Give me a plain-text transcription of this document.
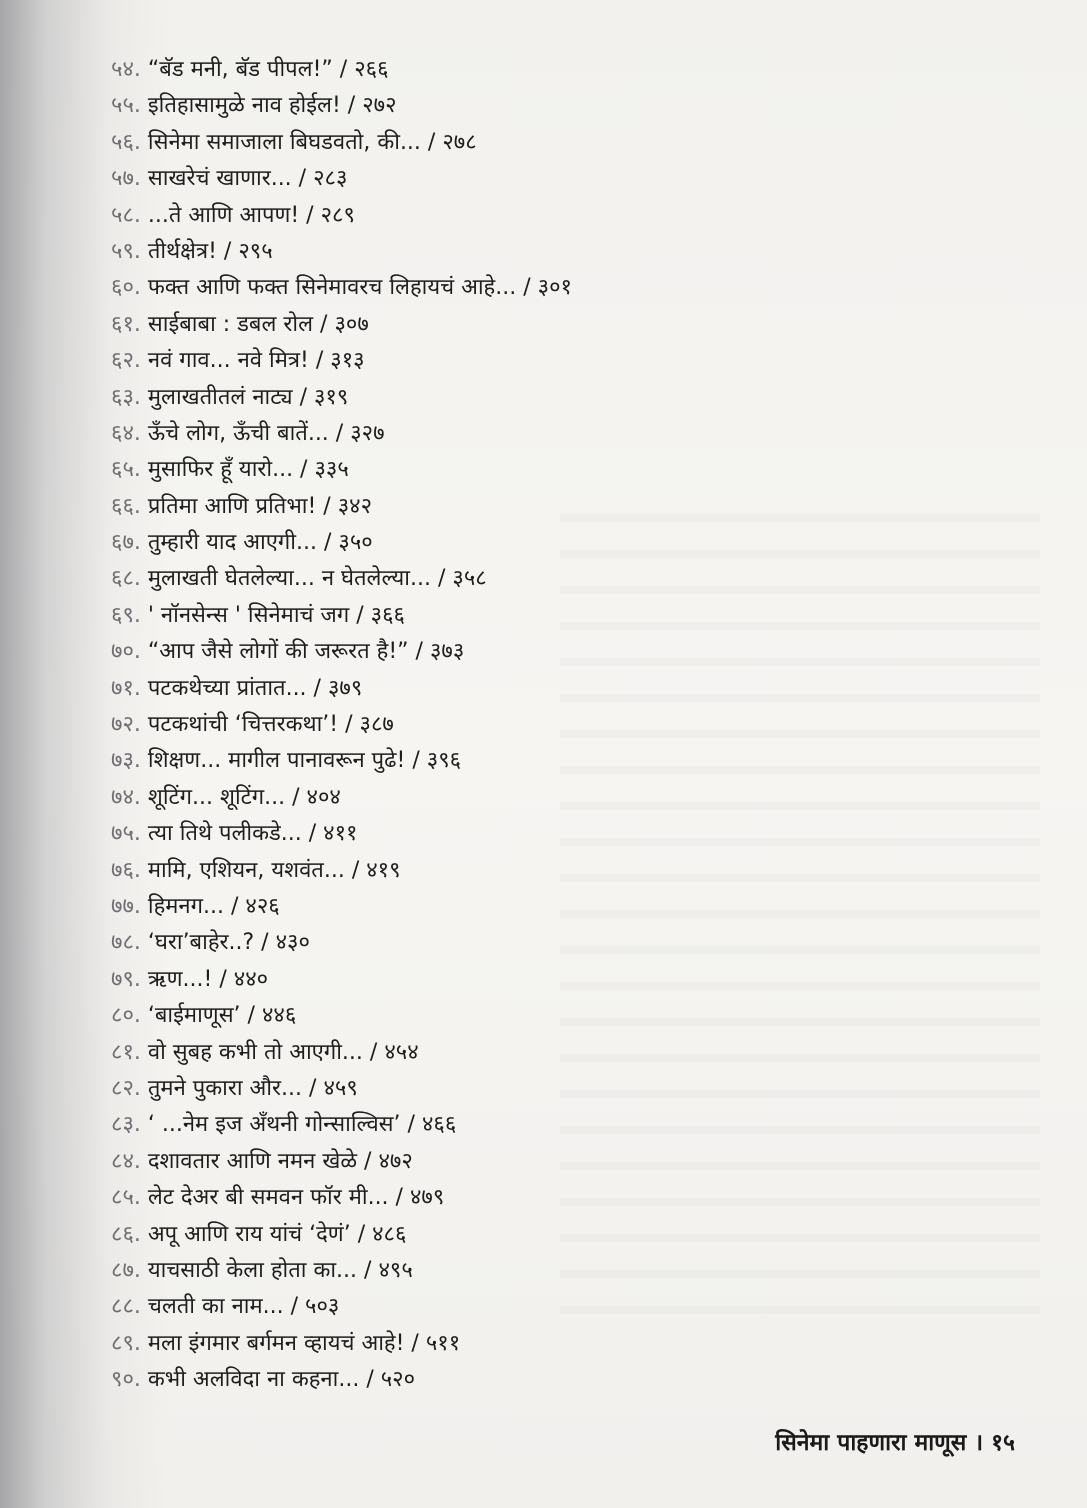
५४. “बॅड मनी, बॅड पीपल!” / २६६
५५. इतिहासामुळे नाव होईल! / २७२
५६. सिनेमा समाजाला बिघडवतो, की... / २७८
५७. साखरेचं खाणार... / २८३
५८. ...ते आणि आपण! / २८९
५९. तीर्थक्षेत्र! / २९५
६०. फक्त आणि फक्त सिनेमावरच लिहायचं आहे... / ३०१
६१. साईबाबा : डबल रोल / ३०७
६२. नवं गाव... नवे मित्र! / ३१३
६३. मुलाखतीतलं नाट्य / ३१९
६४. ऊँचे लोग, ऊँची बातें... / ३२७
६५. मुसाफिर हूँ यारो... / ३३५
६६. प्रतिमा आणि प्रतिभा! / ३४२
६७. तुम्हारी याद आएगी... / ३५०
६८. मुलाखती घेतलेल्या... न घेतलेल्या... / ३५८
६९. ' नॉनसेन्स ' सिनेमाचं जग / ३६६
७०. “आप जैसे लोगों की जरूरत है!” / ३७३
७१. पटकथेच्या प्रांतात... / ३७९
७२. पटकथांची ‘चित्तरकथा’! / ३८७
७३. शिक्षण... मागील पानावरून पुढे! / ३९६
७४. शूटिंग... शूटिंग... / ४०४
७५. त्या तिथे पलीकडे... / ४११
७६. मामि, एशियन, यशवंत... / ४१९
७७. हिमनग... / ४२६
७८. ‘घरा’बाहेर..? / ४३०
७९. ऋण...! / ४४०
८०. ‘बाईमाणूस’ / ४४६
८१. वो सुबह कभी तो आएगी... / ४५४
८२. तुमने पुकारा और... / ४५९
८३. ‘ ...नेम इज अँथनी गोन्साल्विस’ / ४६६
८४. दशावतार आणि नमन खेळे / ४७२
८५. लेट देअर बी समवन फॉर मी... / ४७९
८६. अपू आणि राय यांचं ‘देणं’ / ४८६
८७. याचसाठी केला होता का... / ४९५
८८. चलती का नाम... / ५०३
८९. मला इंगमार बर्गमन व्हायचं आहे! / ५११
९०. कभी अलविदा ना कहना... / ५२०
सिनेमा पाहणारा माणूस । १५
